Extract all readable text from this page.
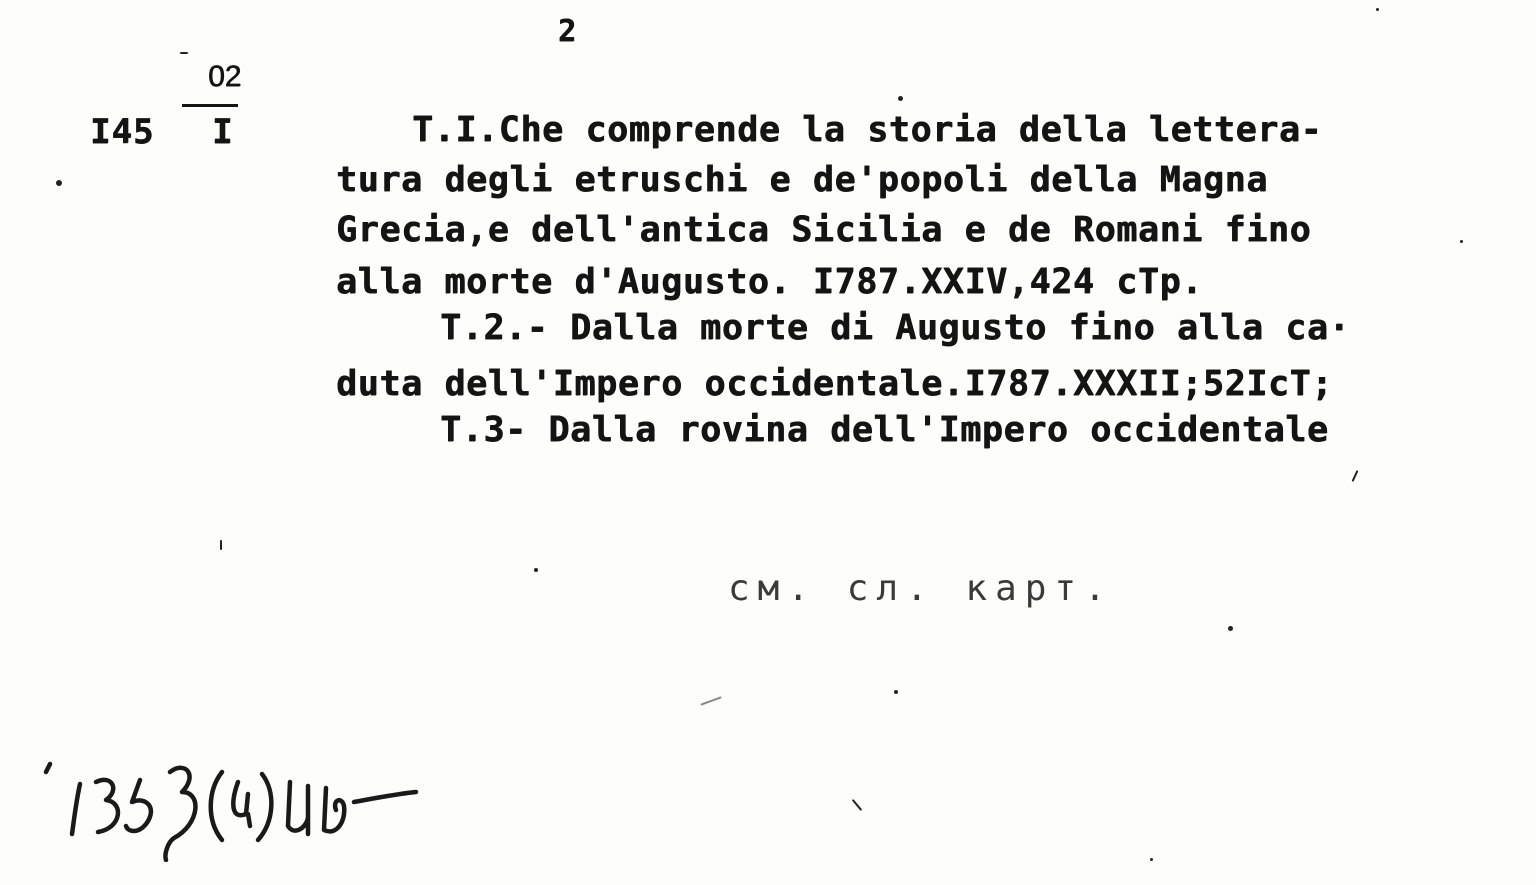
2
02
I45 I	T.I.Che comprende la storia della lettera-
tura degli etruschi e de'popoli della Magna
Grecia,e dell'antica Sicilia e de Romani fino
alla morte d'Augusto. I787.XXIV,424 cTp.
T.2.- Dalla morte di Augusto fino alla ca·
duta dell'Impero occidentale.I787.XXXII;52IcT;
T.3- Dalla rovina dell'Impero occidentale
см. сл. карт.
